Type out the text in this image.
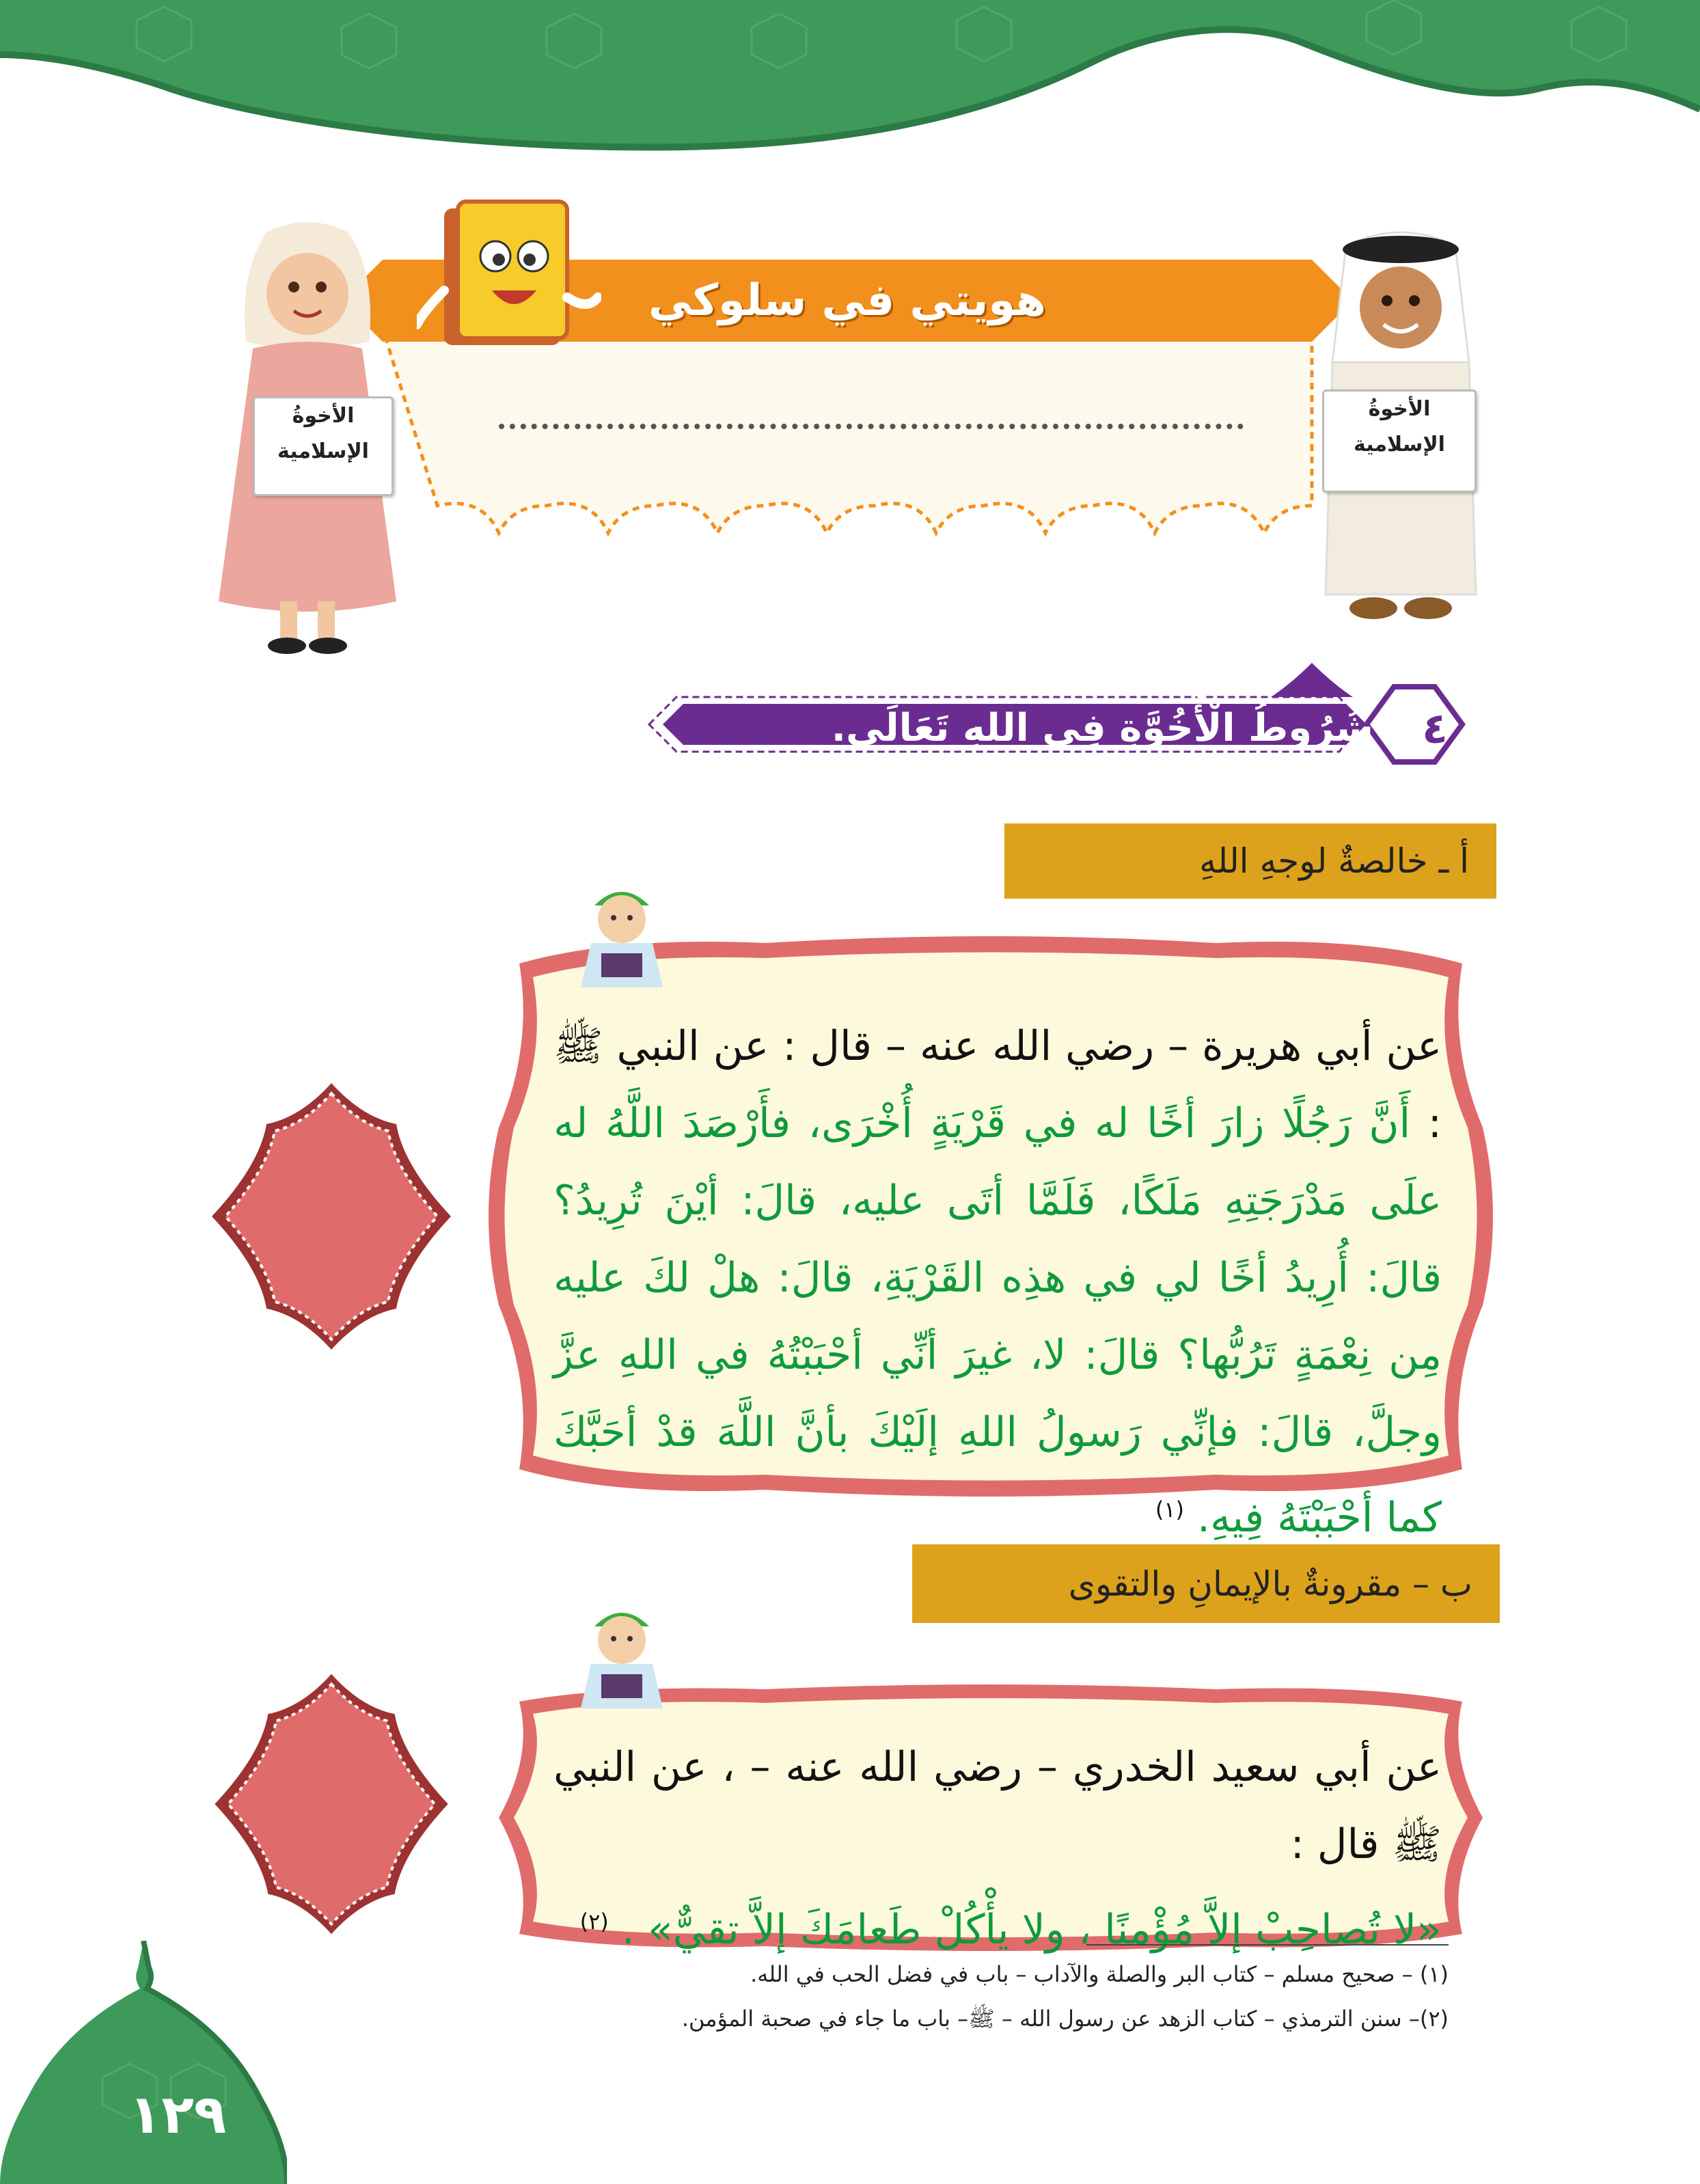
هويتي في سلوكي
الأخوةُ
الإسلامية
الأخوةُ
الإسلامية
٤
شُرُوطُ الْأُخُوَّةِ فِي اللهِ تَعَالَى.
أ ـ خالصةٌ لوجهِ اللهِ
عن أبي هريرة – رضي الله عنه – قال : عن النبي ﷺ : أَنَّ رَجُلًا زارَ أخًا له في قَرْيَةٍ أُخْرَى، فأَرْصَدَ اللَّهُ له علَى مَدْرَجَتِهِ مَلَكًا، فَلَمَّا أتَى عليه، قالَ: أيْنَ تُرِيدُ؟ قالَ: أُرِيدُ أخًا لي في هذِه القَرْيَةِ، قالَ: هلْ لكَ عليه مِن نِعْمَةٍ تَرُبُّها؟ قالَ: لا، غيرَ أنِّي أحْبَبْتُهُ في اللهِ عزَّ وجلَّ، قالَ: فإنِّي رَسولُ اللهِ إلَيْكَ بأنَّ اللَّهَ قدْ أحَبَّكَ كما أحْبَبْتَهُ فِيهِ. $^{(١)}$
ب – مقرونةٌ بالإيمانِ والتقوى
عن أبي سعيد الخدري – رضي الله عنه – ، عن النبي ﷺ قال :
«لا تُصاحِبْ إلاَّ مُؤْمنًا ، ولا يأْكُلْ طَعامَكَ إلاَّ تقيٌّ» . $^{(٢)}$
(١) – صحيح مسلم – كتاب البر والصلة والآداب – باب في فضل الحب في الله.
(٢)– سنن الترمذي – كتاب الزهد عن رسول الله – ﷺ– باب ما جاء في صحبة المؤمن.
١٢٩
